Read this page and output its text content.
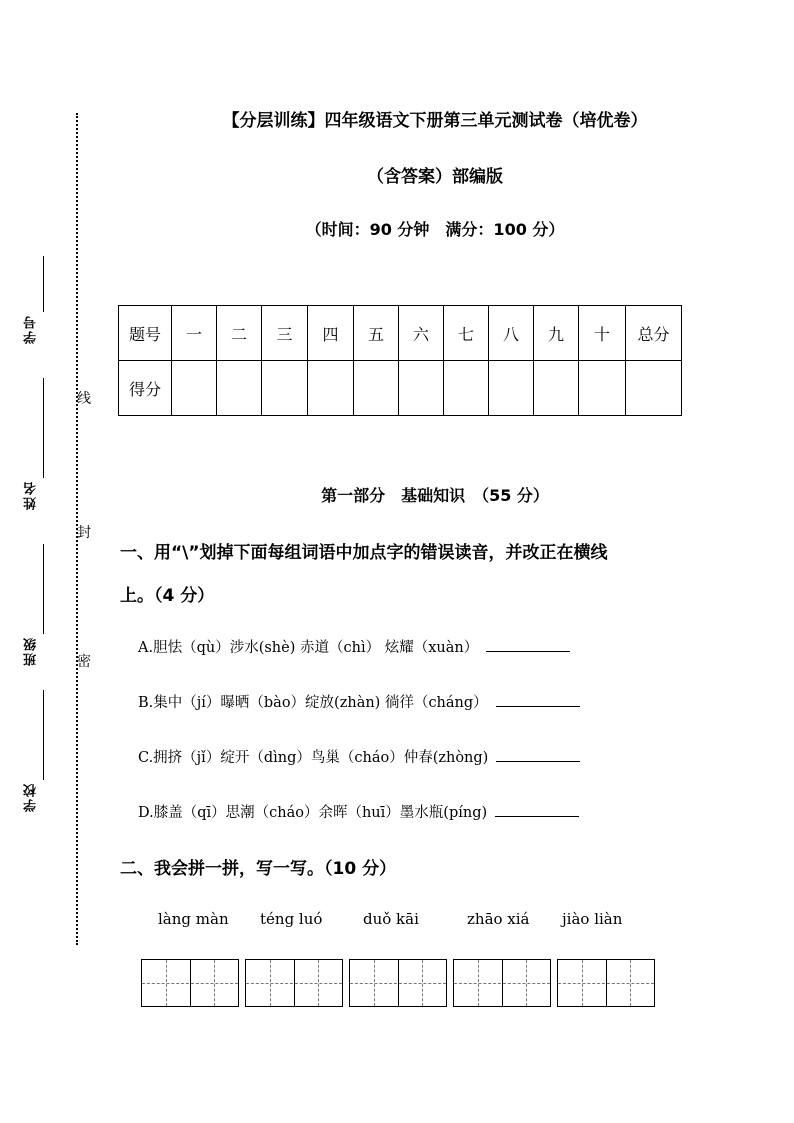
线
封
密
学号
姓名
班级
学校
【分层训练】四年级语文下册第三单元测试卷（培优卷）
（含答案）部编版
（时间：90 分钟　满分：100 分）
题号	一	二	三	四	五	六	七	八	九	十	总分
得分											
第一部分　基础知识　（55 分）
一、用“\”划掉下面每组词语中加点字的错误读音，并改正在横线
上。（4 分）
A.胆怯（qù）涉水(shè) 赤道（chì） 炫耀（xuàn）
B.集中（jí）曝晒（bào）绽放(zhàn) 徜徉（cháng）
C.拥挤（jǐ）绽开（dìng）鸟巢（cháo）仲春(zhòng)
D.膝盖（qī）思潮（cháo）余晖（huī）墨水瓶(píng)
二、我会拼一拼，写一写。（10 分）
làng màn téng luó	duǒ kāi	zhāo xiá jiào liàn
